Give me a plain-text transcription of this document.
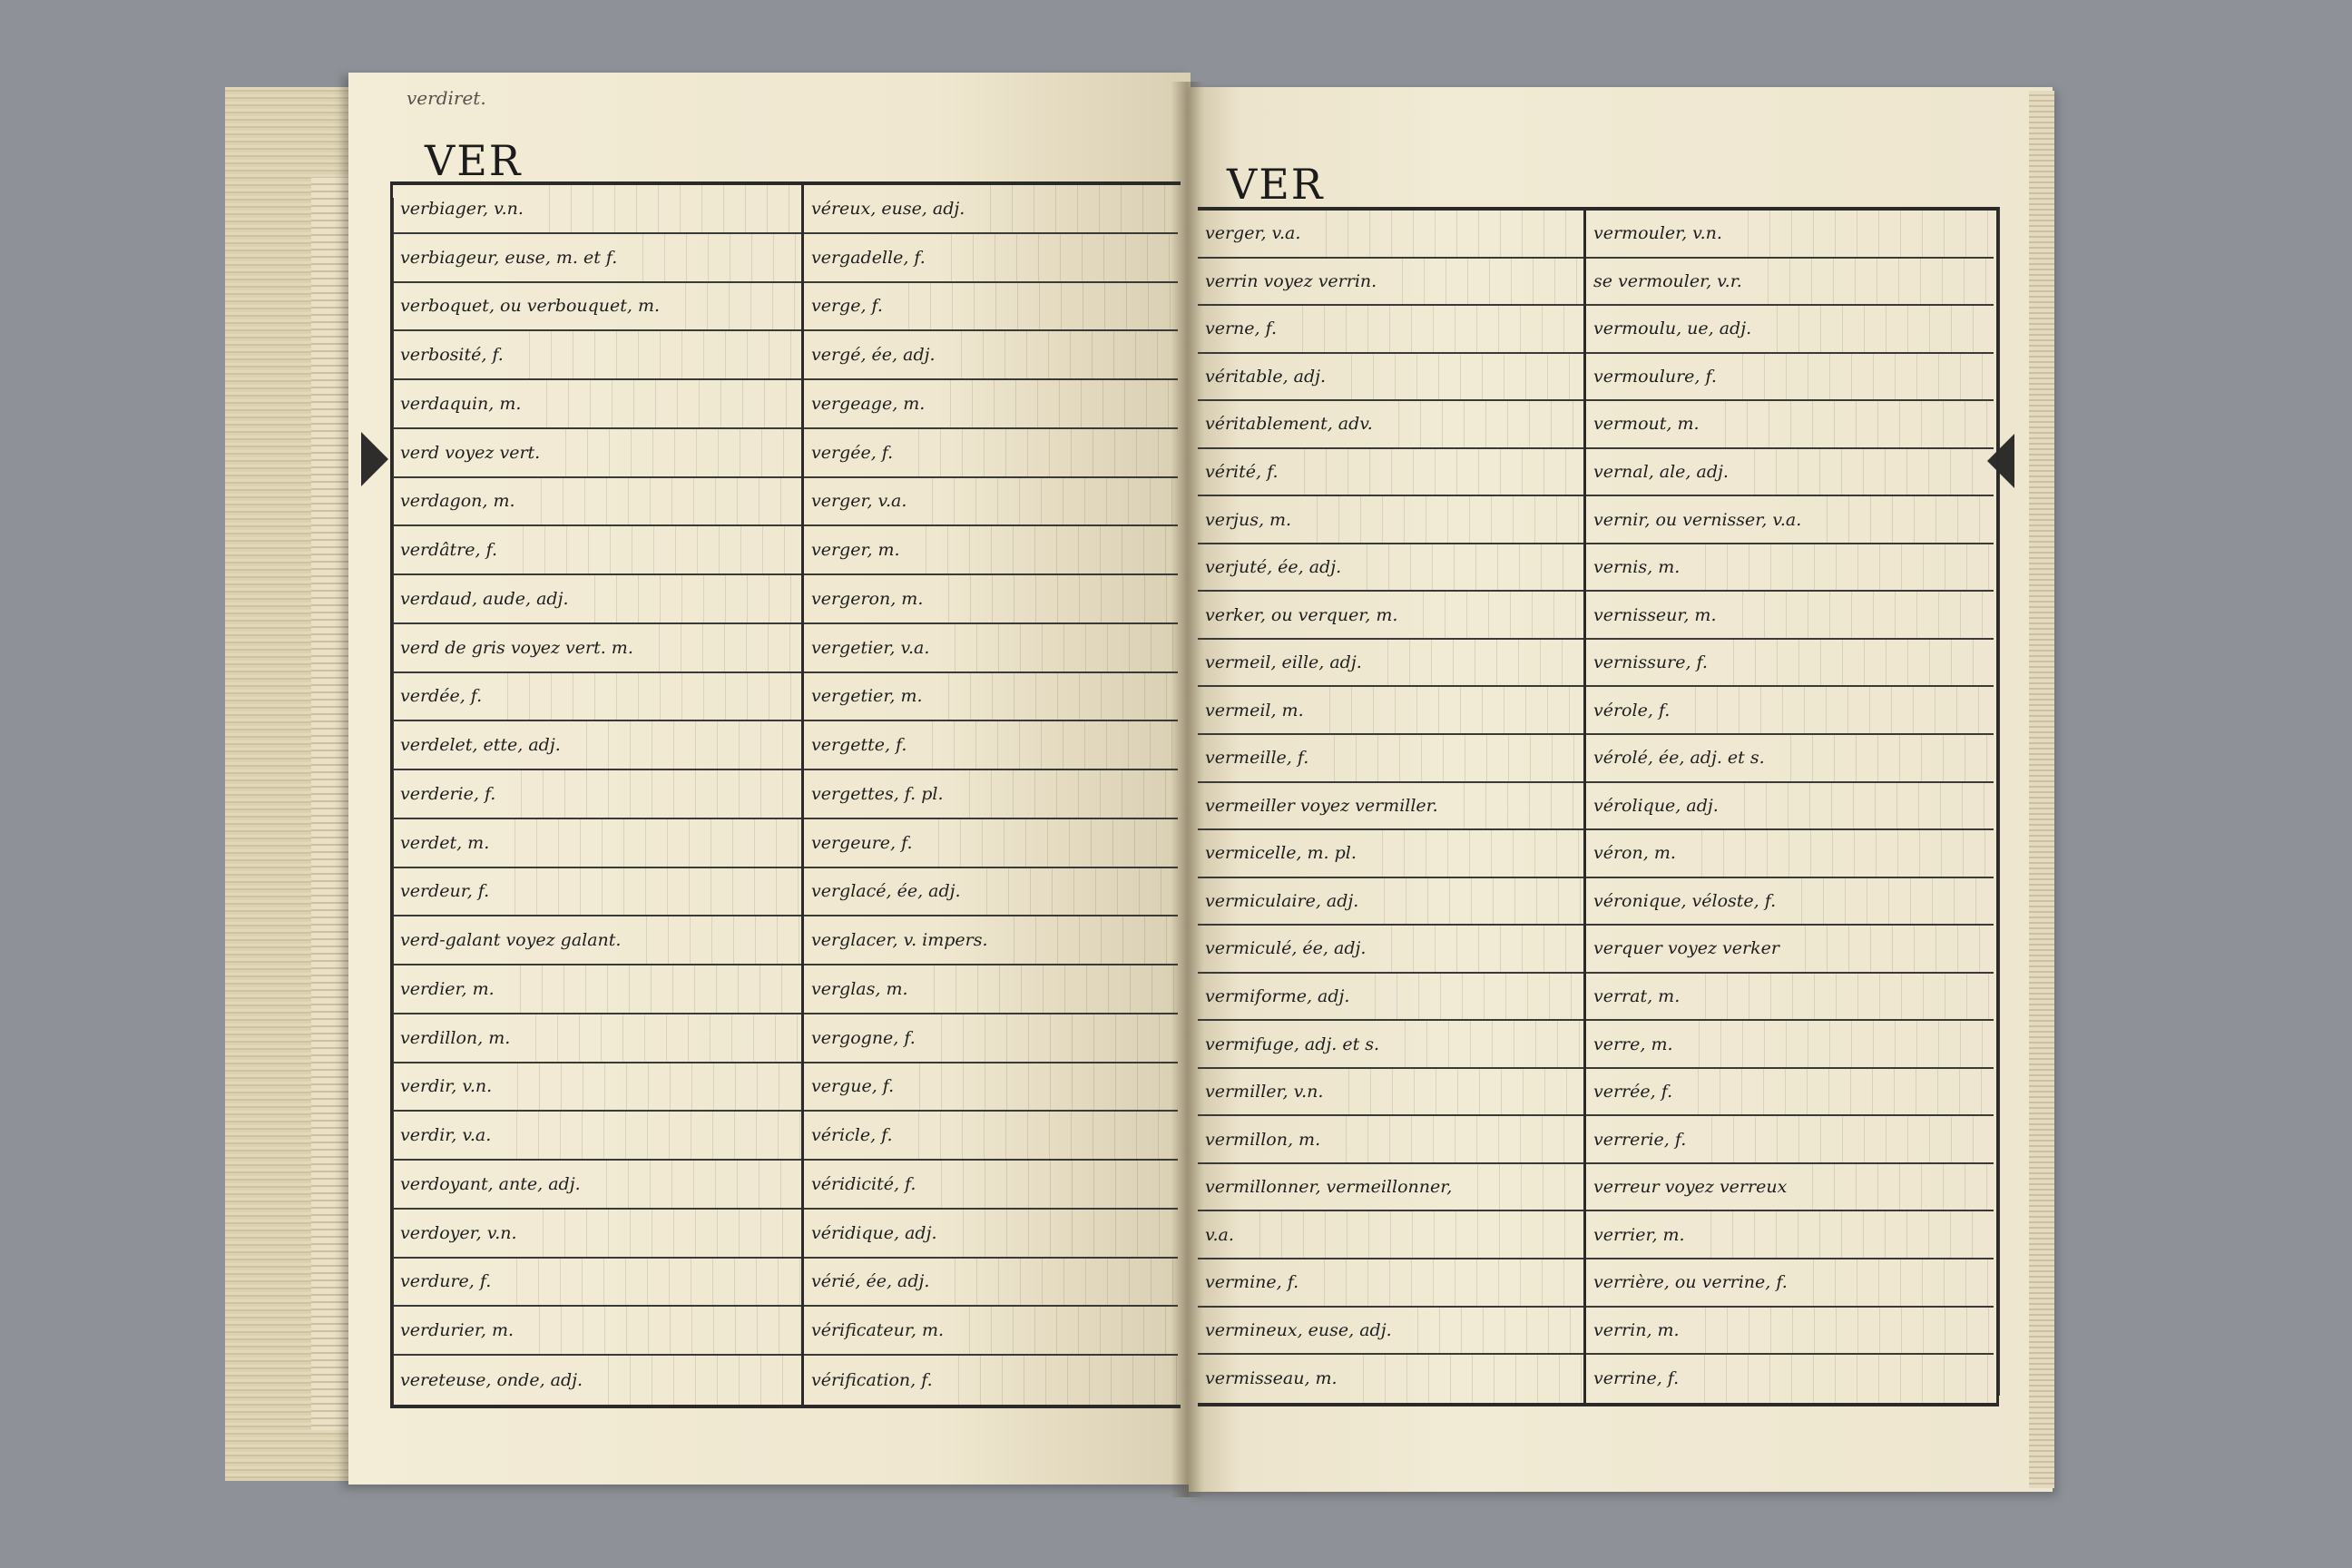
verdiret.
VER	VER
verbiager, v.n.
verbiageur, euse, m. et f.
verboquet, ou verbouquet, m.
verbosité, f.
verdaquin, m.
verd voyez vert.
verdagon, m.
verdâtre, f.
verdaud, aude, adj.
verd de gris voyez vert. m.
verdée, f.
verdelet, ette, adj.
verderie, f.
verdet, m.
verdeur, f.
verd-galant voyez galant.
verdier, m.
verdillon, m.
verdir, v.n.
verdir, v.a.
verdoyant, ante, adj.
verdoyer, v.n.
verdure, f.
verdurier, m.
vereteuse, onde, adj.
véreux, euse, adj.
vergadelle, f.
verge, f.
vergé, ée, adj.
vergeage, m.
vergée, f.
verger, v.a.
verger, m.
vergeron, m.
vergetier, v.a.
vergetier, m.
vergette, f.
vergettes, f. pl.
vergeure, f.
verglacé, ée, adj.
verglacer, v. impers.
verglas, m.
vergogne, f.
vergue, f.
véricle, f.
véridicité, f.
véridique, adj.
vérié, ée, adj.
vérificateur, m.
vérification, f.
verger, v.a.
verrin voyez verrin.
verne, f.
véritable, adj.
véritablement, adv.
vérité, f.
verjus, m.
verjuté, ée, adj.
verker, ou verquer, m.
vermeil, eille, adj.
vermeil, m.
vermeille, f.
vermeiller voyez vermiller.
vermicelle, m. pl.
vermiculaire, adj.
vermiculé, ée, adj.
vermiforme, adj.
vermifuge, adj. et s.
vermiller, v.n.
vermillon, m.
vermillonner, vermeillonner,
v.a.
vermine, f.
vermineux, euse, adj.
vermisseau, m.
vermouler, v.n.
se vermouler, v.r.
vermoulu, ue, adj.
vermoulure, f.
vermout, m.
vernal, ale, adj.
vernir, ou vernisser, v.a.
vernis, m.
vernisseur, m.
vernissure, f.
vérole, f.
vérolé, ée, adj. et s.
vérolique, adj.
véron, m.
véronique, véloste, f.
verquer voyez verker
verrat, m.
verre, m.
verrée, f.
verrerie, f.
verreur voyez verreux
verrier, m.
verrière, ou verrine, f.
verrin, m.
verrine, f.
